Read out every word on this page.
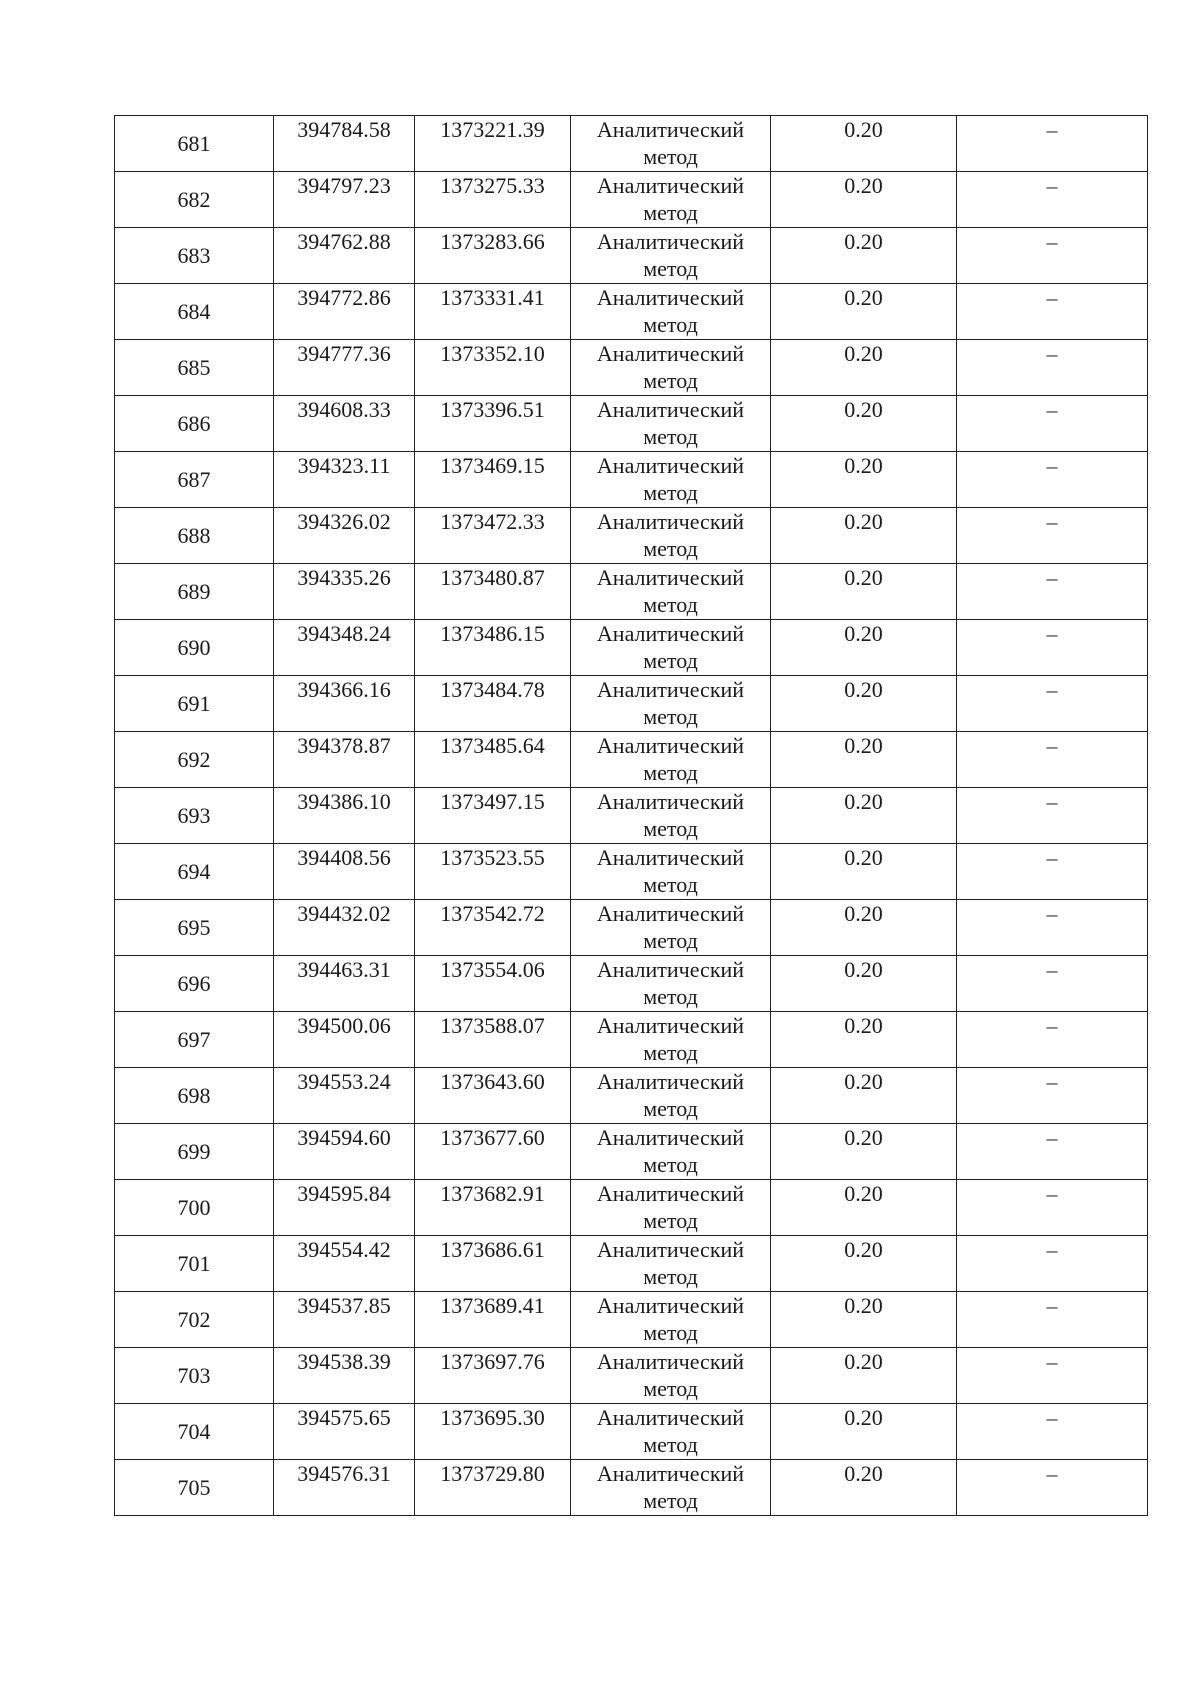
681	394784.58	1373221.39	Аналитический метод	0.20	–
682	394797.23	1373275.33	Аналитический метод	0.20	–
683	394762.88	1373283.66	Аналитический метод	0.20	–
684	394772.86	1373331.41	Аналитический метод	0.20	–
685	394777.36	1373352.10	Аналитический метод	0.20	–
686	394608.33	1373396.51	Аналитический метод	0.20	–
687	394323.11	1373469.15	Аналитический метод	0.20	–
688	394326.02	1373472.33	Аналитический метод	0.20	–
689	394335.26	1373480.87	Аналитический метод	0.20	–
690	394348.24	1373486.15	Аналитический метод	0.20	–
691	394366.16	1373484.78	Аналитический метод	0.20	–
692	394378.87	1373485.64	Аналитический метод	0.20	–
693	394386.10	1373497.15	Аналитический метод	0.20	–
694	394408.56	1373523.55	Аналитический метод	0.20	–
695	394432.02	1373542.72	Аналитический метод	0.20	–
696	394463.31	1373554.06	Аналитический метод	0.20	–
697	394500.06	1373588.07	Аналитический метод	0.20	–
698	394553.24	1373643.60	Аналитический метод	0.20	–
699	394594.60	1373677.60	Аналитический метод	0.20	–
700	394595.84	1373682.91	Аналитический метод	0.20	–
701	394554.42	1373686.61	Аналитический метод	0.20	–
702	394537.85	1373689.41	Аналитический метод	0.20	–
703	394538.39	1373697.76	Аналитический метод	0.20	–
704	394575.65	1373695.30	Аналитический метод	0.20	–
705	394576.31	1373729.80	Аналитический метод	0.20	–
